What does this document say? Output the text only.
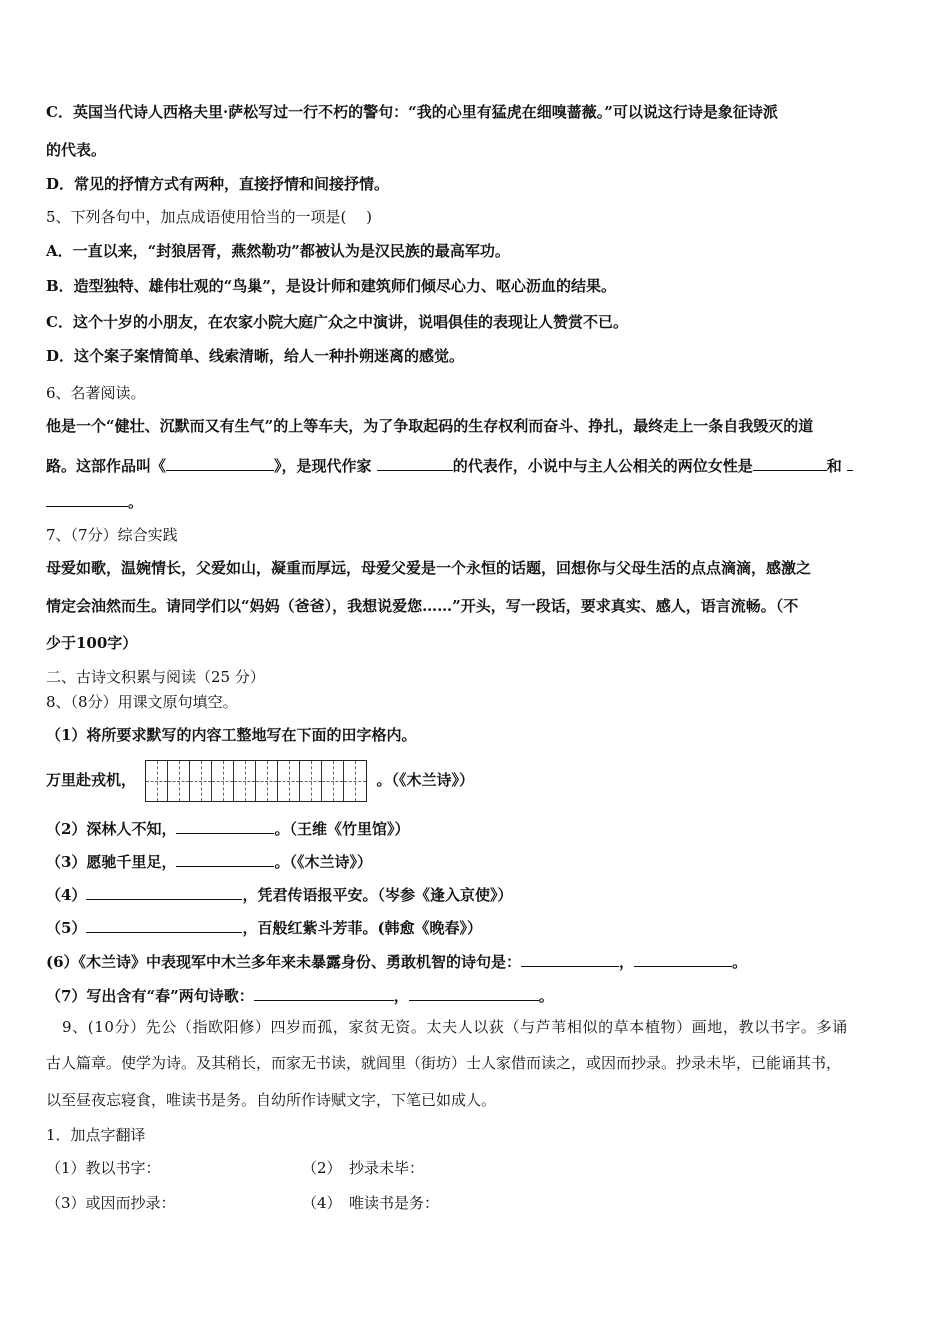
C．英国当代诗人西格夫里·萨松写过一行不朽的警句：“我的心里有猛虎在细嗅蔷薇。”可以说这行诗是象征诗派
的代表。
D．常见的抒情方式有两种，直接抒情和间接抒情。
5、下列各句中，加点成语使用恰当的一项是(　 )
A．一直以来，“封狼居胥，燕然勒功”都被认为是汉民族的最高军功。
B．造型独特、雄伟壮观的“鸟巢”，是设计师和建筑师们倾尽心力、呕心沥血的结果。
C．这个十岁的小朋友，在农家小院大庭广众之中演讲，说唱俱佳的表现让人赞赏不已。
D．这个案子案情简单、线索清晰，给人一种扑朔迷离的感觉。
6、名著阅读。
他是一个“健壮、沉默而又有生气”的上等车夫，为了争取起码的生存权利而奋斗、挣扎，最终走上一条自我毁灭的道
路。这部作品叫《	》，是现代作家	的代表作，小说中与主人公相关的两位女性是	和
。
7、（7分）综合实践
母爱如歌，温婉情长，父爱如山，凝重而厚远，母爱父爱是一个永恒的话题，回想你与父母生活的点点滴滴，感激之
情定会油然而生。请同学们以“妈妈（爸爸），我想说爱您……”开头，写一段话，要求真实、感人，语言流畅。（不
少于100字）
二、古诗文积累与阅读（25 分）
8、（8分）用课文原句填空。
（1）将所要求默写的内容工整地写在下面的田字格内。
万里赴戎机，	。（《木兰诗》）
（2）深林人不知，	。（王维《竹里馆》）
（3）愿驰千里足，	。（《木兰诗》）
（4）	，凭君传语报平安。（岑参《逢入京使》）
（5）	，百般红紫斗芳菲。(韩愈《晚春》）
(6）《木兰诗》中表现军中木兰多年来未暴露身份、勇敢机智的诗句是：	，	。
（7）写出含有“春”两句诗歌：	，	。
9、(10分）先公（指欧阳修）四岁而孤，家贫无资。太夫人以荻（与芦苇相似的草本植物）画地，教以书字。多诵
古人篇章。使学为诗。及其稍长，而家无书读，就闾里（街坊）士人家借而读之，或因而抄录。抄录未毕，已能诵其书，
以至昼夜忘寝食，唯读书是务。自幼所作诗赋文字，下笔已如成人。
1．加点字翻译
（1）教以书字：	（2）　抄录未毕：
（3）或因而抄录：	（4）　唯读书是务：
